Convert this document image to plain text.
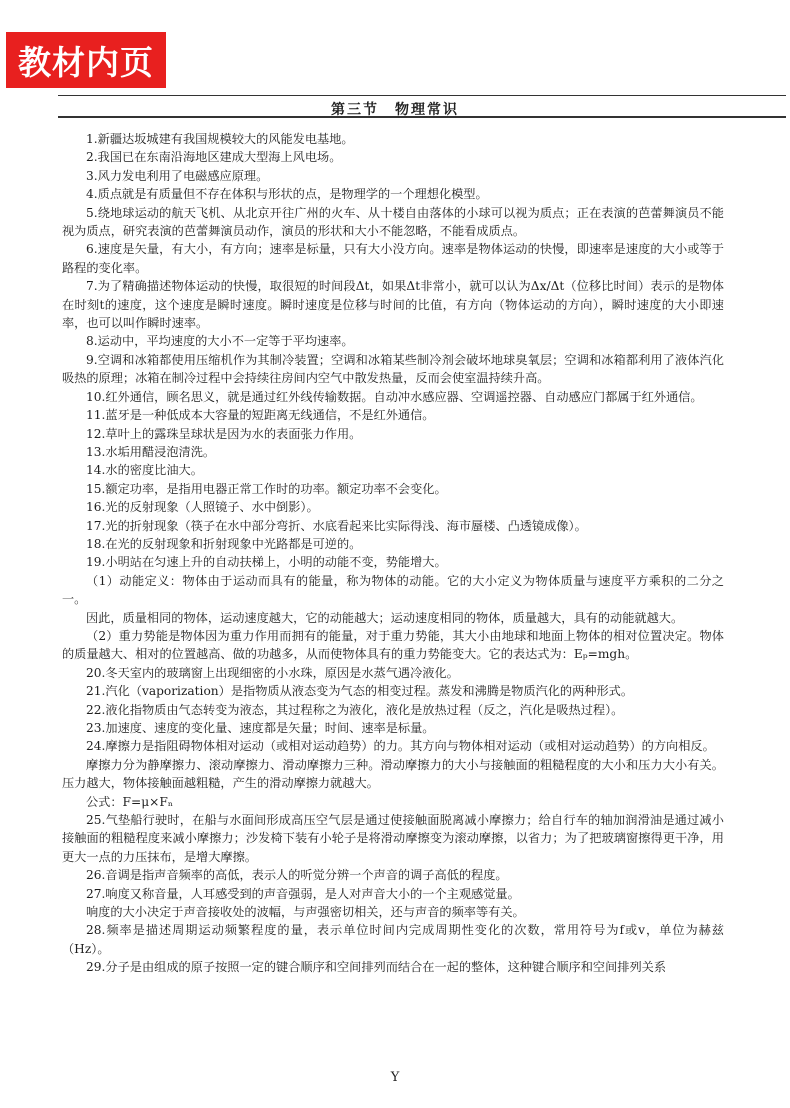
教材内页
第三节　物理常识

1.新疆达坂城建有我国规模较大的风能发电基地。

2.我国已在东南沿海地区建成大型海上风电场。

3.风力发电利用了电磁感应原理。

4.质点就是有质量但不存在体积与形状的点，是物理学的一个理想化模型。

5.绕地球运动的航天飞机、从北京开往广州的火车、从十楼自由落体的小球可以视为质点；正在表演的芭蕾舞演员不能视为质点，研究表演的芭蕾舞演员动作，演员的形状和大小不能忽略，不能看成质点。

6.速度是矢量，有大小，有方向；速率是标量，只有大小没方向。速率是物体运动的快慢，即速率是速度的大小或等于路程的变化率。

7.为了精确描述物体运动的快慢，取很短的时间段Δt，如果Δt非常小，就可以认为Δx/Δt（位移比时间）表示的是物体在时刻t的速度，这个速度是瞬时速度。瞬时速度是位移与时间的比值，有方向（物体运动的方向），瞬时速度的大小即速率，也可以叫作瞬时速率。

8.运动中，平均速度的大小不一定等于平均速率。

9.空调和冰箱都使用压缩机作为其制冷装置；空调和冰箱某些制冷剂会破坏地球臭氧层；空调和冰箱都利用了液体汽化吸热的原理；冰箱在制冷过程中会持续往房间内空气中散发热量，反而会使室温持续升高。

10.红外通信，顾名思义，就是通过红外线传输数据。自动冲水感应器、空调遥控器、自动感应门都属于红外通信。

11.蓝牙是一种低成本大容量的短距离无线通信，不是红外通信。

12.草叶上的露珠呈球状是因为水的表面张力作用。

13.水垢用醋浸泡清洗。

14.水的密度比油大。

15.额定功率，是指用电器正常工作时的功率。额定功率不会变化。

16.光的反射现象（人照镜子、水中倒影）。

17.光的折射现象（筷子在水中部分弯折、水底看起来比实际得浅、海市蜃楼、凸透镜成像）。

18.在光的反射现象和折射现象中光路都是可逆的。

19.小明站在匀速上升的自动扶梯上，小明的动能不变，势能增大。

（1）动能定义：物体由于运动而具有的能量，称为物体的动能。它的大小定义为物体质量与速度平方乘积的二分之一。

因此，质量相同的物体，运动速度越大，它的动能越大；运动速度相同的物体，质量越大，具有的动能就越大。

（2）重力势能是物体因为重力作用而拥有的能量，对于重力势能，其大小由地球和地面上物体的相对位置决定。物体的质量越大、相对的位置越高、做的功越多，从而使物体具有的重力势能变大。它的表达式为：Eₚ=mgh。

20.冬天室内的玻璃窗上出现细密的小水珠，原因是水蒸气遇冷液化。

21.汽化（vaporization）是指物质从液态变为气态的相变过程。蒸发和沸腾是物质汽化的两种形式。

22.液化指物质由气态转变为液态，其过程称之为液化，液化是放热过程（反之，汽化是吸热过程）。

23.加速度、速度的变化量、速度都是矢量；时间、速率是标量。

24.摩擦力是指阻碍物体相对运动（或相对运动趋势）的力。其方向与物体相对运动（或相对运动趋势）的方向相反。

摩擦力分为静摩擦力、滚动摩擦力、滑动摩擦力三种。滑动摩擦力的大小与接触面的粗糙程度的大小和压力大小有关。压力越大，物体接触面越粗糙，产生的滑动摩擦力就越大。

公式：F=μ×Fₙ

25.气垫船行驶时，在船与水面间形成高压空气层是通过使接触面脱离减小摩擦力；给自行车的轴加润滑油是通过减小接触面的粗糙程度来减小摩擦力；沙发椅下装有小轮子是将滑动摩擦变为滚动摩擦，以省力；为了把玻璃窗擦得更干净，用更大一点的力压抹布，是增大摩擦。

26.音调是指声音频率的高低，表示人的听觉分辨一个声音的调子高低的程度。

27.响度又称音量，人耳感受到的声音强弱，是人对声音大小的一个主观感觉量。

响度的大小决定于声音接收处的波幅，与声强密切相关，还与声音的频率等有关。

28.频率是描述周期运动频繁程度的量，表示单位时间内完成周期性变化的次数，常用符号为f或v，单位为赫兹（Hz）。

29.分子是由组成的原子按照一定的键合顺序和空间排列而结合在一起的整体，这种键合顺序和空间排列关系

Y
